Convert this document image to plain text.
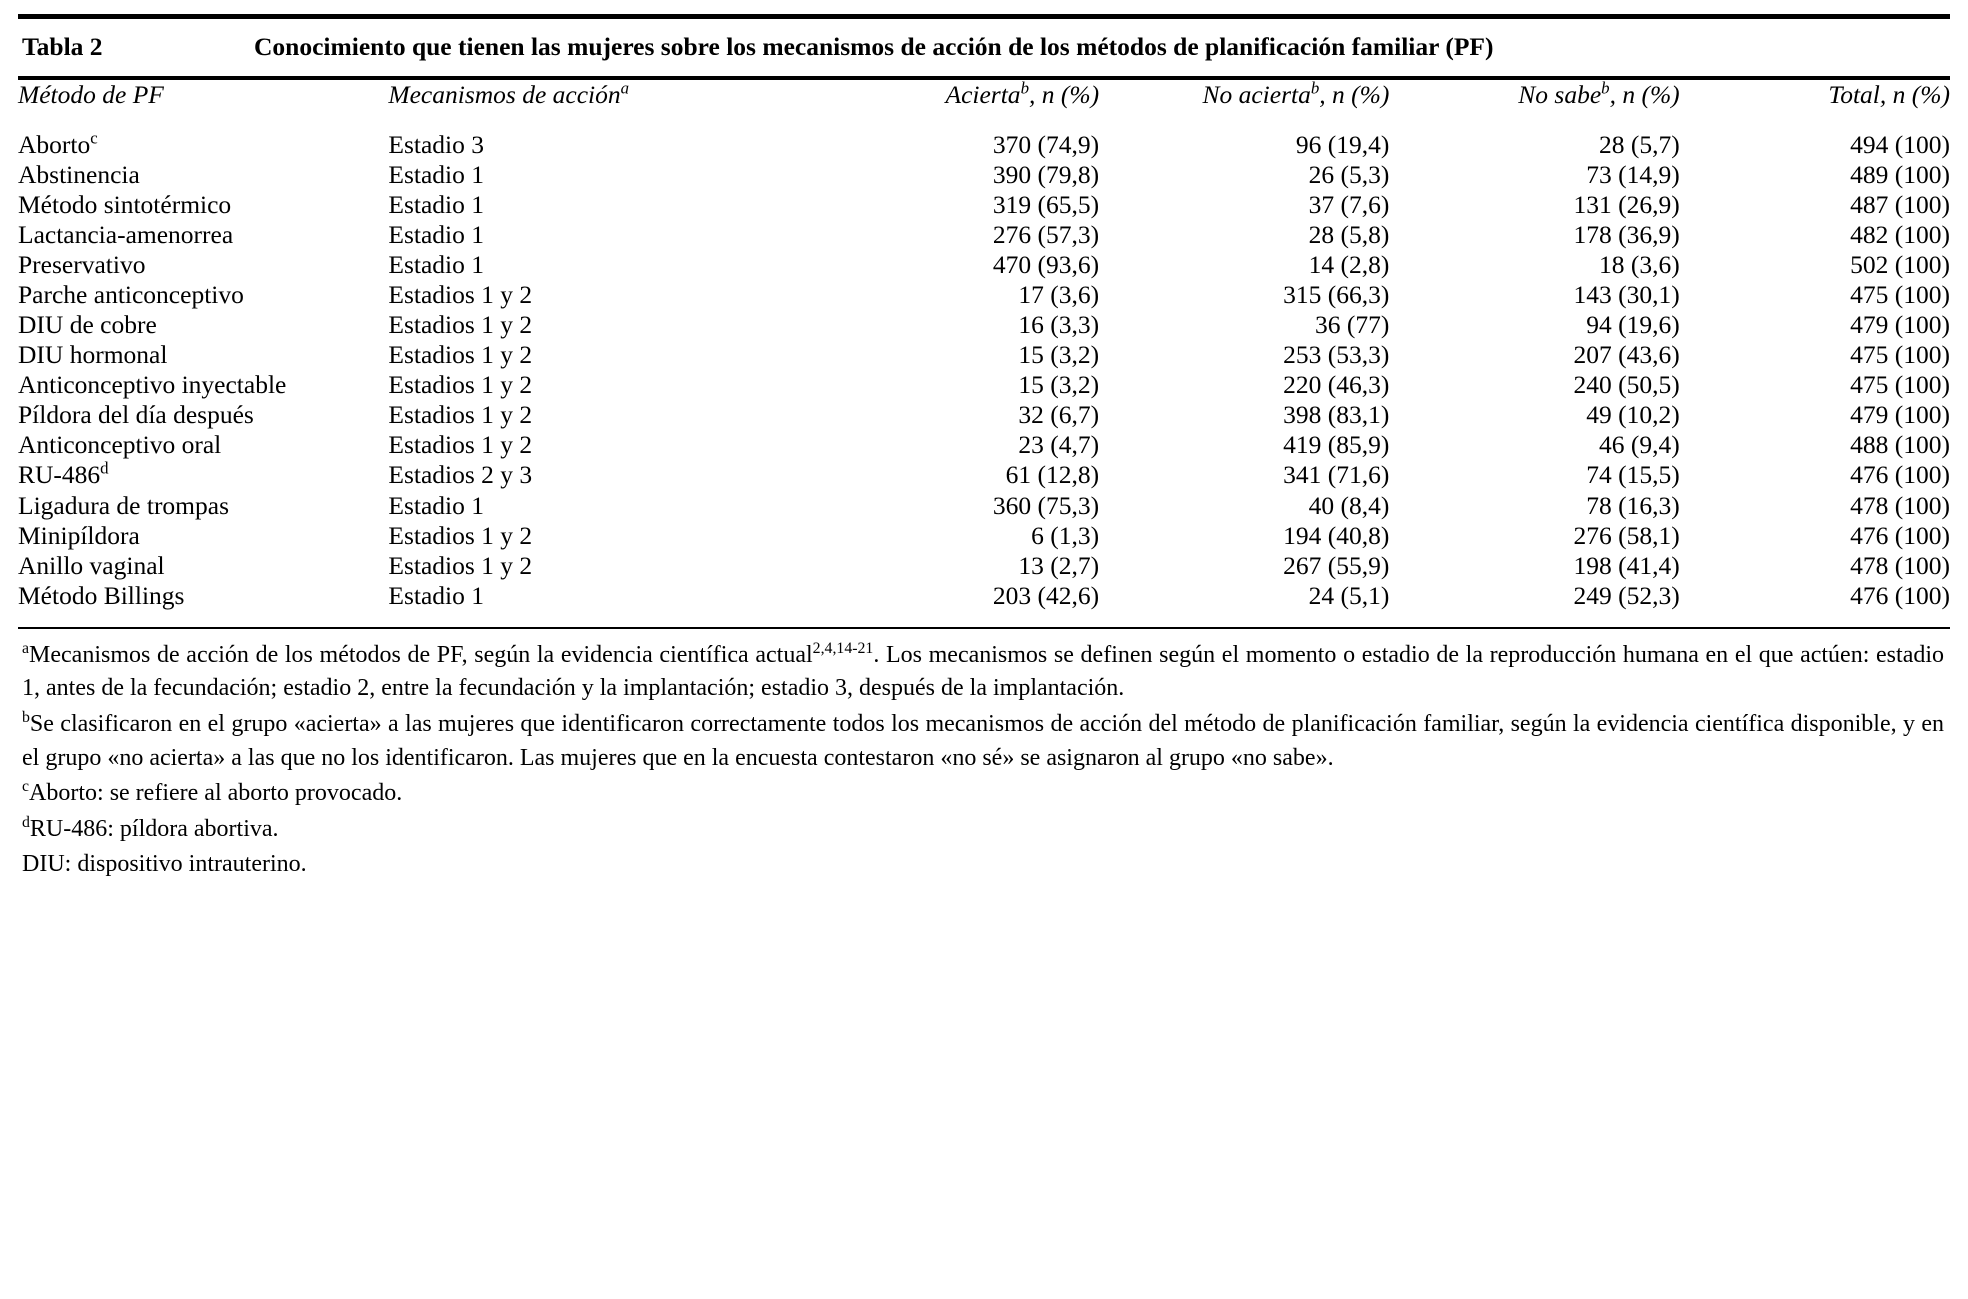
Tabla 2	Conocimiento que tienen las mujeres sobre los mecanismos de acción de los métodos de planificación familiar (PF)
Método de PF	Mecanismos de acción$^a$	Acierta$^b$, n (%)	No acierta$^b$, n (%)	No sabe$^b$, n (%)	Total, n (%)
Aborto$^c$	Estadio 3	370 (74,9)	96 (19,4)	28 (5,7)	494 (100)
Abstinencia	Estadio 1	390 (79,8)	26 (5,3)	73 (14,9)	489 (100)
Método sintotérmico	Estadio 1	319 (65,5)	37 (7,6)	131 (26,9)	487 (100)
Lactancia-amenorrea	Estadio 1	276 (57,3)	28 (5,8)	178 (36,9)	482 (100)
Preservativo	Estadio 1	470 (93,6)	14 (2,8)	18 (3,6)	502 (100)
Parche anticonceptivo	Estadios 1 y 2	17 (3,6)	315 (66,3)	143 (30,1)	475 (100)
DIU de cobre	Estadios 1 y 2	16 (3,3)	36 (77)	94 (19,6)	479 (100)
DIU hormonal	Estadios 1 y 2	15 (3,2)	253 (53,3)	207 (43,6)	475 (100)
Anticonceptivo inyectable	Estadios 1 y 2	15 (3,2)	220 (46,3)	240 (50,5)	475 (100)
Píldora del día después	Estadios 1 y 2	32 (6,7)	398 (83,1)	49 (10,2)	479 (100)
Anticonceptivo oral	Estadios 1 y 2	23 (4,7)	419 (85,9)	46 (9,4)	488 (100)
RU-486$^d$	Estadios 2 y 3	61 (12,8)	341 (71,6)	74 (15,5)	476 (100)
Ligadura de trompas	Estadio 1	360 (75,3)	40 (8,4)	78 (16,3)	478 (100)
Minipíldora	Estadios 1 y 2	6 (1,3)	194 (40,8)	276 (58,1)	476 (100)
Anillo vaginal	Estadios 1 y 2	13 (2,7)	267 (55,9)	198 (41,4)	478 (100)
Método Billings	Estadio 1	203 (42,6)	24 (5,1)	249 (52,3)	476 (100)

$^a$Mecanismos de acción de los métodos de PF, según la evidencia científica actual$^{2,4,14-21}$. Los mecanismos se definen según el momento o estadio de la reproducción humana en el que actúen: estadio 1, antes de la fecundación; estadio 2, entre la fecundación y la implantación; estadio 3, después de la implantación.

$^b$Se clasificaron en el grupo «acierta» a las mujeres que identificaron correctamente todos los mecanismos de acción del método de planificación familiar, según la evidencia científica disponible, y en el grupo «no acierta» a las que no los identificaron. Las mujeres que en la encuesta contestaron «no sé» se asignaron al grupo «no sabe».

$^c$Aborto: se refiere al aborto provocado.

$^d$RU-486: píldora abortiva.

DIU: dispositivo intrauterino.
